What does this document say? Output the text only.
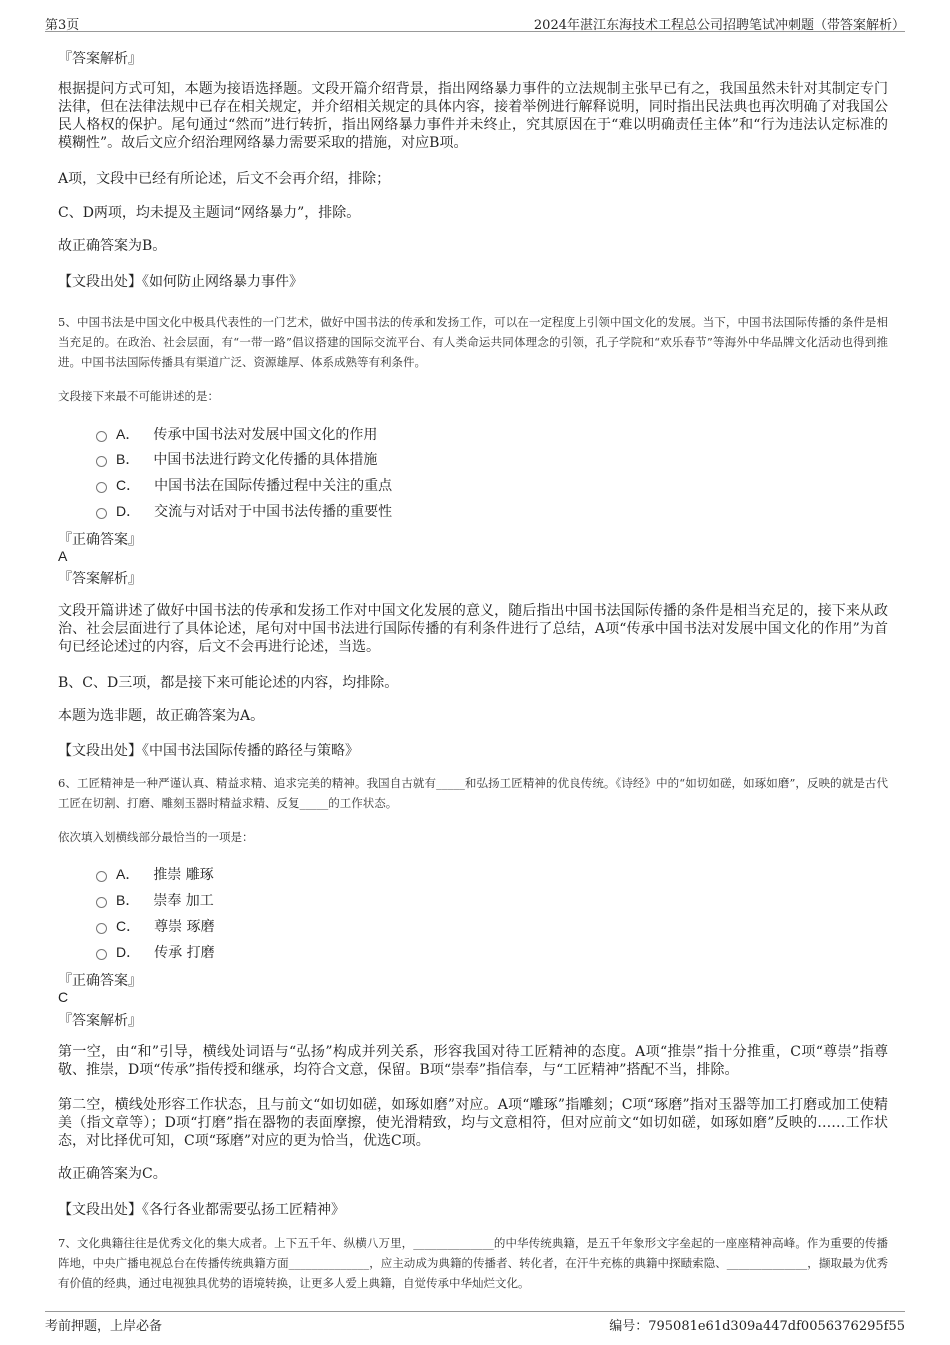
第3页	2024年湛江东海技术工程总公司招聘笔试冲刺题（带答案解析）
『答案解析』
根据提问方式可知，本题为接语选择题。文段开篇介绍背景，指出网络暴力事件的立法规制主张早已有之，我国虽然未针对其制定专门法律，但在法律法规中已存在相关规定，并介绍相关规定的具体内容，接着举例进行解释说明，同时指出民法典也再次明确了对我国公民人格权的保护。尾句通过“然而”进行转折，指出网络暴力事件并未终止，究其原因在于“难以明确责任主体”和“行为违法认定标准的模糊性”。故后文应介绍治理网络暴力需要采取的措施，对应B项。
A项，文段中已经有所论述，后文不会再介绍，排除；
C、D两项，均未提及主题词“网络暴力”，排除。
故正确答案为B。
【文段出处】《如何防止网络暴力事件》
5、中国书法是中国文化中极具代表性的一门艺术，做好中国书法的传承和发扬工作，可以在一定程度上引领中国文化的发展。当下，中国书法国际传播的条件是相当充足的。在政治、社会层面，有“一带一路”倡议搭建的国际交流平台、有人类命运共同体理念的引领，孔子学院和“欢乐春节”等海外中华品牌文化活动也得到推进。中国书法国际传播具有渠道广泛、资源雄厚、体系成熟等有利条件。
文段接下来最不可能讲述的是：
A． 传承中国书法对发展中国文化的作用
B． 中国书法进行跨文化传播的具体措施
C． 中国书法在国际传播过程中关注的重点
D． 交流与对话对于中国书法传播的重要性
『正确答案』
A
『答案解析』
文段开篇讲述了做好中国书法的传承和发扬工作对中国文化发展的意义，随后指出中国书法国际传播的条件是相当充足的，接下来从政治、社会层面进行了具体论述，尾句对中国书法进行国际传播的有利条件进行了总结，A项“传承中国书法对发展中国文化的作用”为首句已经论述过的内容，后文不会再进行论述，当选。
B、C、D三项，都是接下来可能论述的内容，均排除。
本题为选非题，故正确答案为A。
【文段出处】《中国书法国际传播的路径与策略》
6、工匠精神是一种严谨认真、精益求精、追求完美的精神。我国自古就有_____和弘扬工匠精神的优良传统。《诗经》中的“如切如磋，如琢如磨”，反映的就是古代工匠在切割、打磨、雕刻玉器时精益求精、反复_____的工作状态。
依次填入划横线部分最恰当的一项是：
A． 推崇 雕琢
B． 崇奉 加工
C． 尊崇 琢磨
D． 传承 打磨
『正确答案』
C
『答案解析』
第一空，由“和”引导，横线处词语与“弘扬”构成并列关系，形容我国对待工匠精神的态度。A项“推崇”指十分推重，C项“尊崇”指尊敬、推崇，D项“传承”指传授和继承，均符合文意，保留。B项“崇奉”指信奉，与“工匠精神”搭配不当，排除。
第二空，横线处形容工作状态，且与前文“如切如磋，如琢如磨”对应。A项“雕琢”指雕刻；C项“琢磨”指对玉器等加工打磨或加工使精美（指文章等）；D项“打磨”指在器物的表面摩擦，使光滑精致，均与文意相符，但对应前文“如切如磋，如琢如磨”反映的……工作状态，对比择优可知，C项“琢磨”对应的更为恰当，优选C项。
故正确答案为C。
【文段出处】《各行各业都需要弘扬工匠精神》
7、文化典籍往往是优秀文化的集大成者。上下五千年、纵横八万里，______________的中华传统典籍，是五千年象形文字垒起的一座座精神高峰。作为重要的传播阵地，中央广播电视总台在传播传统典籍方面______________，应主动成为典籍的传播者、转化者，在汗牛充栋的典籍中探赜索隐、______________，撷取最为优秀有价值的经典，通过电视独具优势的语境转换，让更多人爱上典籍，自觉传承中华灿烂文化。
考前押题，上岸必备	编号：795081e61d309a447df0056376295f55
